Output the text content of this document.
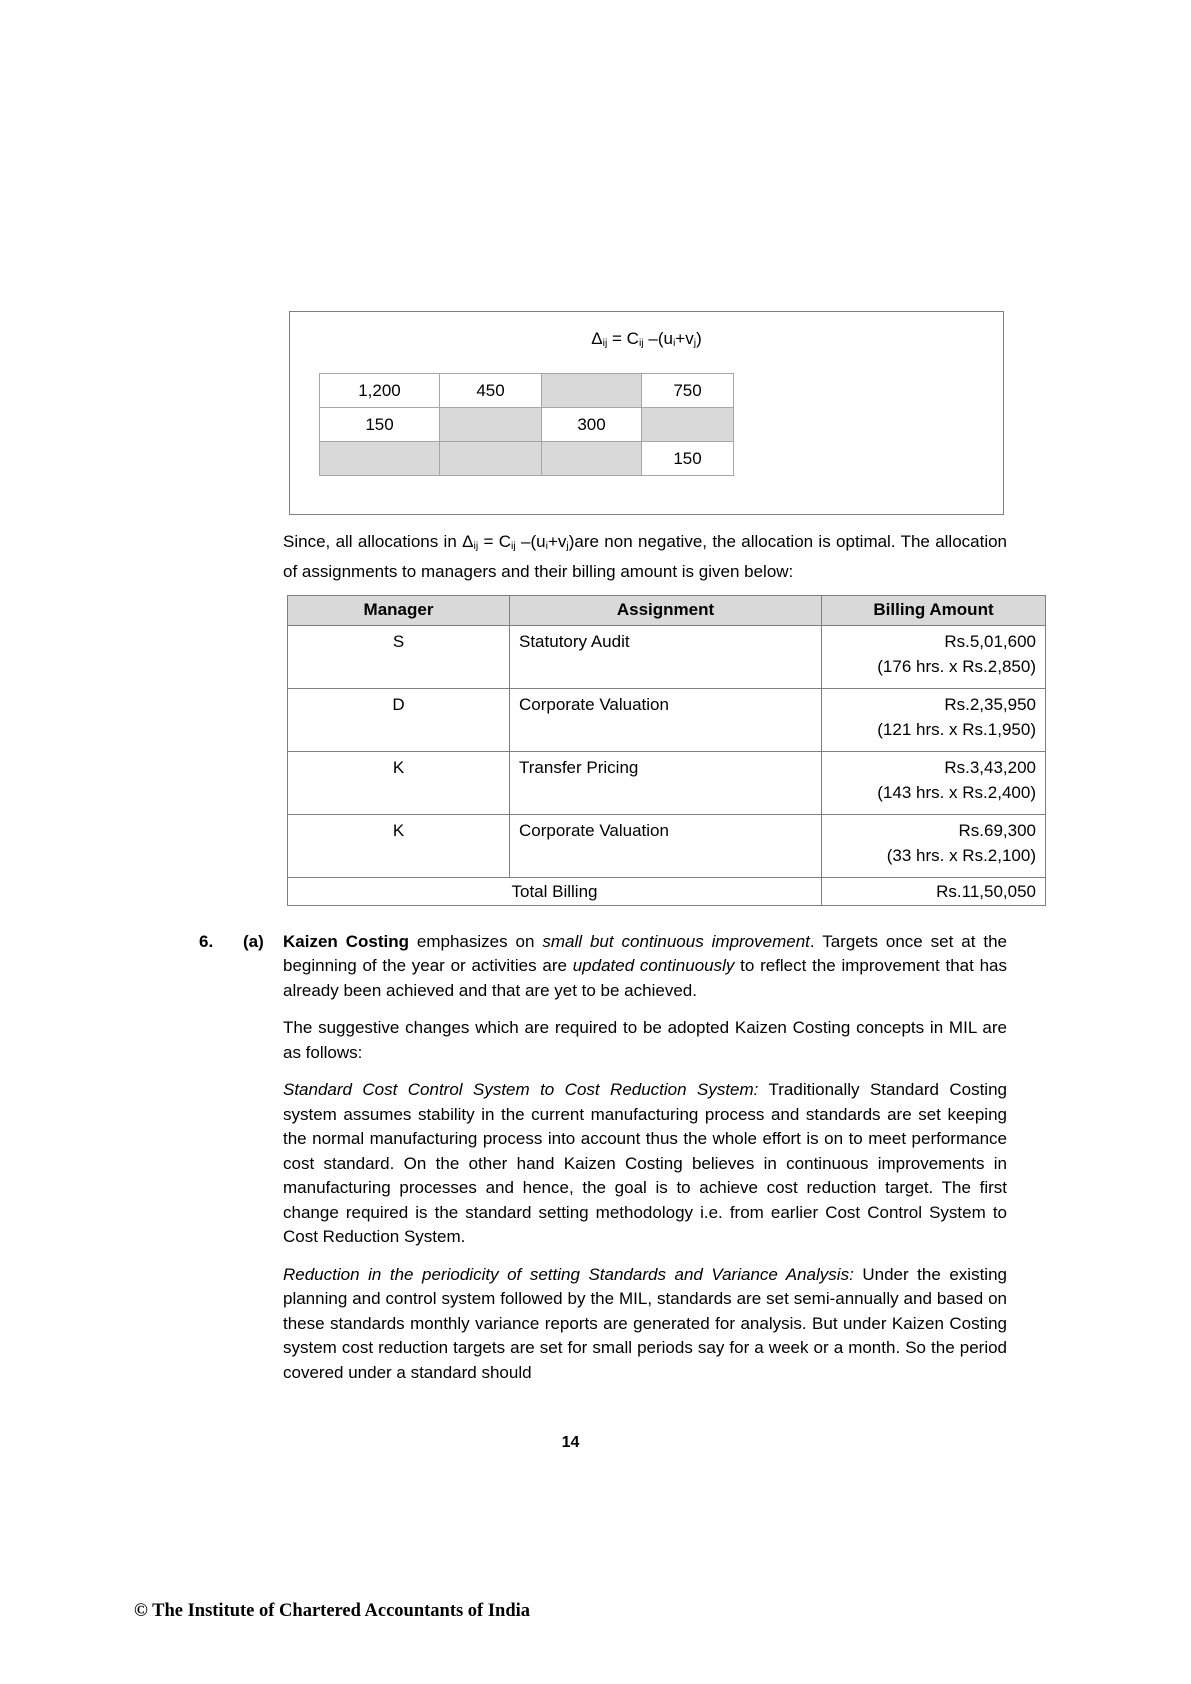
Δij = Cij –(ui+vj)
1,200	450		750
150		300	
			150
Since, all allocations in Δij = Cij –(ui+vj)are non negative, the allocation is optimal. The allocation of assignments to managers and their billing amount is given below:
Manager	Assignment	Billing Amount
S	Statutory Audit	Rs.5,01,600
(176 hrs. x Rs.2,850)

D	Corporate Valuation	Rs.2,35,950
(121 hrs. x Rs.1,950)

K	Transfer Pricing	Rs.3,43,200
(143 hrs. x Rs.2,400)

K	Corporate Valuation	Rs.69,300
(33 hrs. x Rs.2,100)

Total Billing		Rs.11,50,050
6. (a) Kaizen Costing emphasizes on small but continuous improvement. Targets once set at the beginning of the year or activities are updated continuously to reflect the improvement that has already been achieved and that are yet to be achieved.

The suggestive changes which are required to be adopted Kaizen Costing concepts in MIL are as follows:

Standard Cost Control System to Cost Reduction System: Traditionally Standard Costing system assumes stability in the current manufacturing process and standards are set keeping the normal manufacturing process into account thus the whole effort is on to meet performance cost standard. On the other hand Kaizen Costing believes in continuous improvements in manufacturing processes and hence, the goal is to achieve cost reduction target. The first change required is the standard setting methodology i.e. from earlier Cost Control System to Cost Reduction System.

Reduction in the periodicity of setting Standards and Variance Analysis: Under the existing planning and control system followed by the MIL, standards are set semi-annually and based on these standards monthly variance reports are generated for analysis. But under Kaizen Costing system cost reduction targets are set for small periods say for a week or a month. So the period covered under a standard should

14
© The Institute of Chartered Accountants of India
